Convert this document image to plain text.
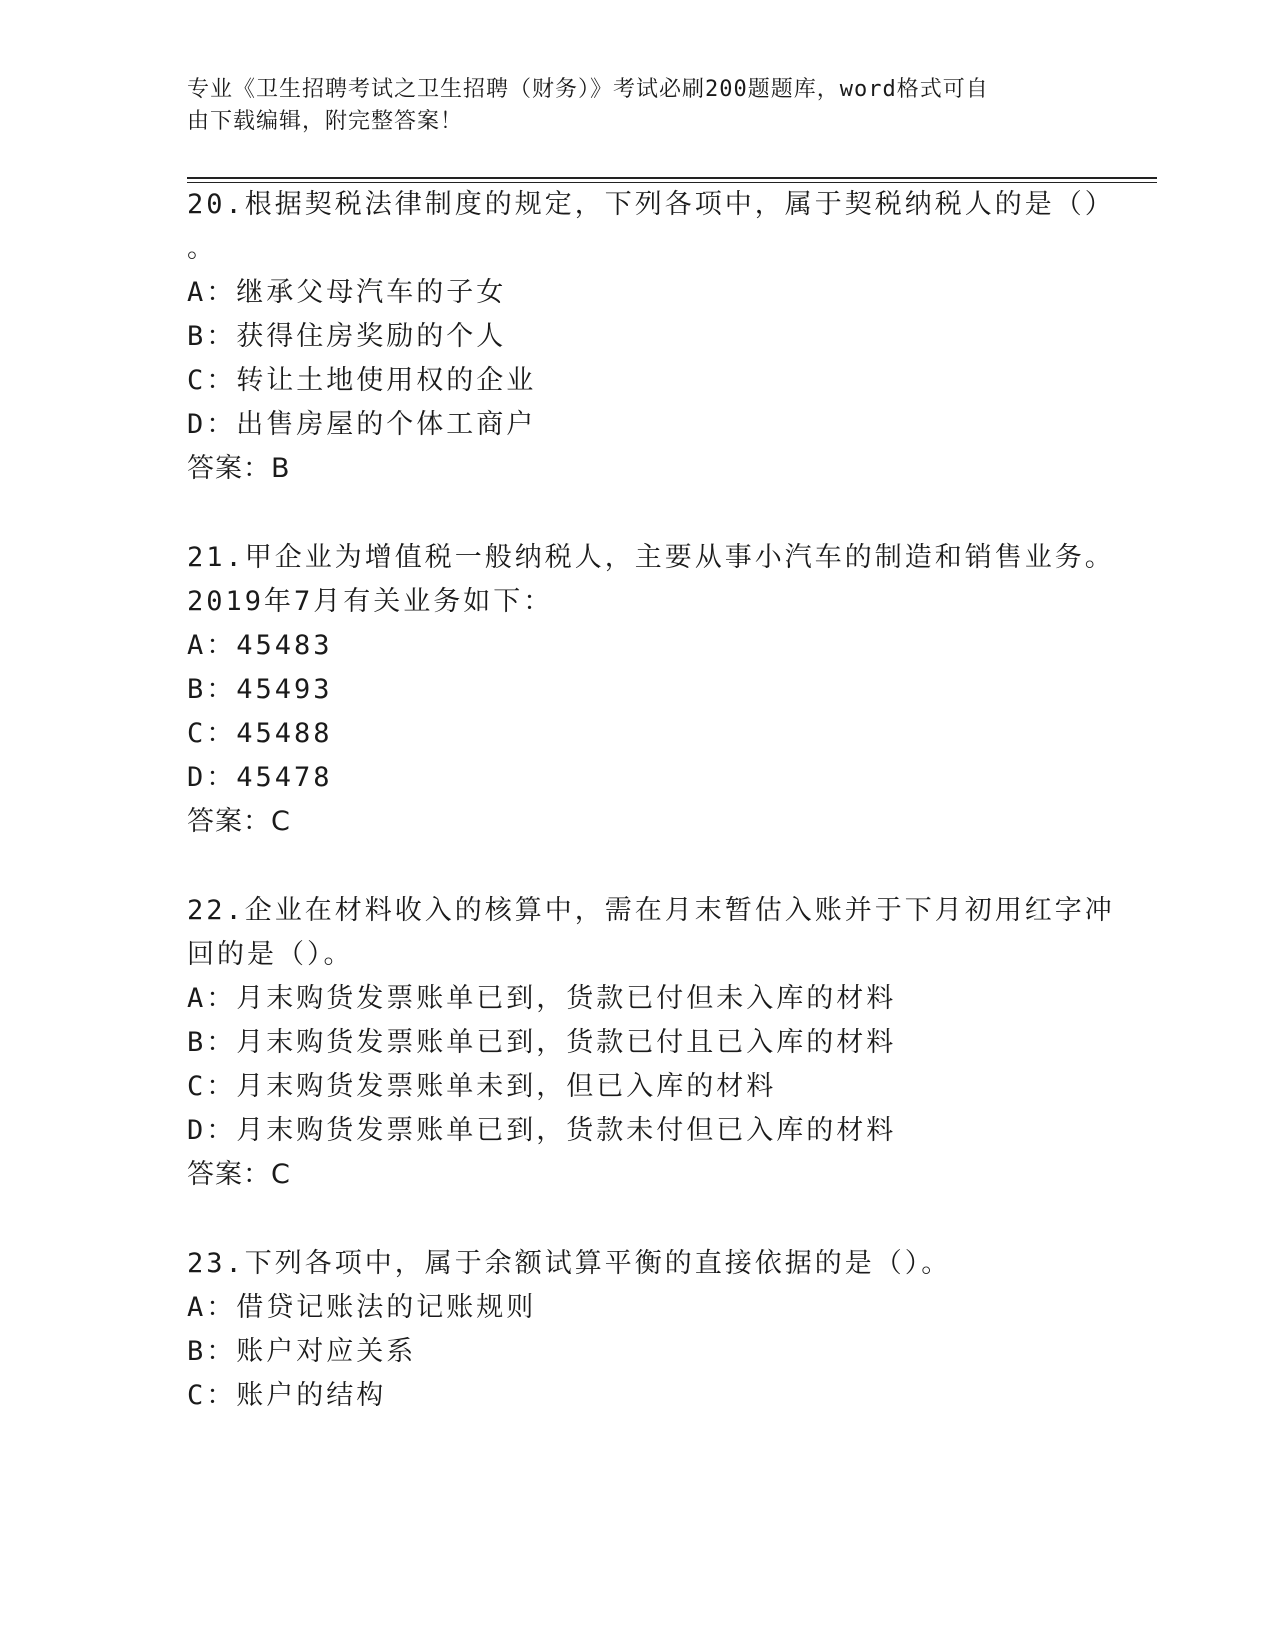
专业《卫生招聘考试之卫生招聘（财务）》考试必刷200题题库，word格式可自
由下载编辑，附完整答案！
20.根据契税法律制度的规定，下列各项中，属于契税纳税人的是（）
。
A：继承父母汽车的子女
B：获得住房奖励的个人
C：转让土地使用权的企业
D：出售房屋的个体工商户
答案：B
21.甲企业为增值税一般纳税人，主要从事小汽车的制造和销售业务。
2019年7月有关业务如下：
A：45483
B：45493
C：45488
D：45478
答案：C
22.企业在材料收入的核算中，需在月末暂估入账并于下月初用红字冲
回的是（）。
A：月末购货发票账单已到，货款已付但未入库的材料
B：月末购货发票账单已到，货款已付且已入库的材料
C：月末购货发票账单未到，但已入库的材料
D：月末购货发票账单已到，货款未付但已入库的材料
答案：C
23.下列各项中，属于余额试算平衡的直接依据的是（）。
A：借贷记账法的记账规则
B：账户对应关系
C：账户的结构
